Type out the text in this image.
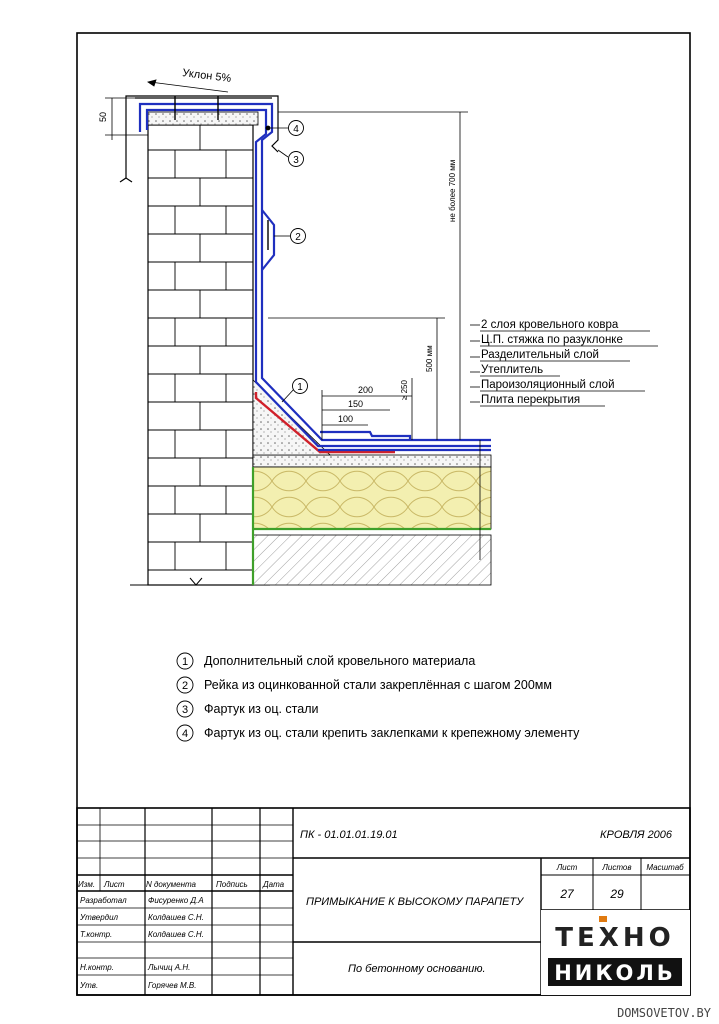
4
3
2
1
Уклон 5%
50
не более 700 мм
500 мм
≥ 250
200
150
100
2 слоя кровельного ковра
Ц.П. стяжка по разуклонке
Разделительный слой
Утеплитель
Пароизоляционный слой
Плита перекрытия
1
2
3
4
Дополнительный слой кровельного материала
Рейка из оцинкованной стали закреплённая с шагом 200мм
Фартук из оц. стали
Фартук из оц. стали крепить заклепками к крепежному элементу
Изм. Лист	N документа Подпись Дата
Разработал	Фисуренко Д.А
Утвердил	Колдашев С.Н.
Т.контр.	Колдашев С.Н.
Н.контр.	Лычиц А.Н.
Утв.	Горячев М.В.
ПК - 01.01.01.19.01	КРОВЛЯ 2006
Лист	Листов Масштаб
27	29
ПРИМЫКАНИЕ К ВЫСОКОМУ ПАРАПЕТУ
По бетонному основанию.
ТЕХНО
НИКОЛЬ
DOMSOVETOV.BY
